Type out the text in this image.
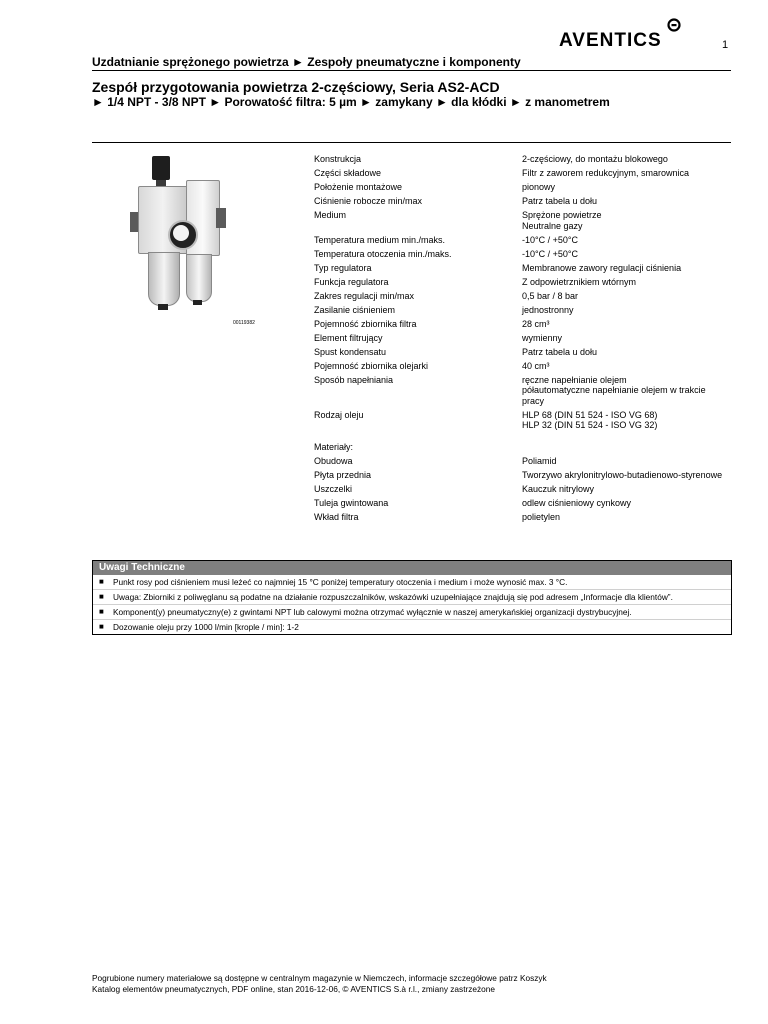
AVENTICS	1
Uzdatnianie sprężonego powietrza ► Zespoły pneumatyczne i komponenty
Zespół przygotowania powietrza 2-częściowy, Seria AS2-ACD
► 1/4 NPT - 3/8 NPT ► Porowatość filtra: 5 µm ► zamykany ► dla kłódki ► z manometrem
00119382
Konstrukcja	2-częściowy, do montażu blokowego
Części składowe	Filtr z zaworem redukcyjnym, smarownica
Położenie montażowe	pionowy
Ciśnienie robocze min/max	Patrz tabela u dołu
Medium	Sprężone powietrze
Neutralne gazy
Temperatura medium min./maks.	-10°C / +50°C
Temperatura otoczenia min./maks.	-10°C / +50°C
Typ regulatora	Membranowe zawory regulacji ciśnienia
Funkcja regulatora	Z odpowietrznikiem wtórnym
Zakres regulacji min/max	0,5 bar / 8 bar
Zasilanie ciśnieniem	jednostronny
Pojemność zbiornika filtra	28 cm³
Element filtrujący	wymienny
Spust kondensatu	Patrz tabela u dołu
Pojemność zbiornika olejarki	40 cm³
Sposób napełniania	ręczne napełnianie olejem
półautomatyczne napełnianie olejem w trakcie
pracy
Rodzaj oleju	HLP 68 (DIN 51 524 - ISO VG 68)
HLP 32 (DIN 51 524 - ISO VG 32)
Materiały:
Obudowa	Poliamid
Płyta przednia	Tworzywo akrylonitrylowo-butadienowo-styrenowe
Uszczelki	Kauczuk nitrylowy
Tuleja gwintowana	odlew ciśnieniowy cynkowy
Wkład filtra	polietylen
Uwagi Techniczne
■	Punkt rosy pod ciśnieniem musi leżeć co najmniej 15 °C poniżej temperatury otoczenia i medium i może wynosić max. 3 °C.
■	Uwaga: Zbiorniki z poliwęglanu są podatne na działanie rozpuszczalników, wskazówki uzupełniające znajdują się pod adresem „Informacje dla klientów”.
■	Komponent(y) pneumatyczny(e) z gwintami NPT lub calowymi można otrzymać wyłącznie w naszej amerykańskiej organizacji dystrybucyjnej.
■	Dozowanie oleju przy 1000 l/min [krople / min]: 1-2
Pogrubione numery materiałowe są dostępne w centralnym magazynie w Niemczech, informacje szczegółowe patrz Koszyk
Katalog elementów pneumatycznych, PDF online, stan 2016-12-06, © AVENTICS S.à r.l., zmiany zastrzeżone
